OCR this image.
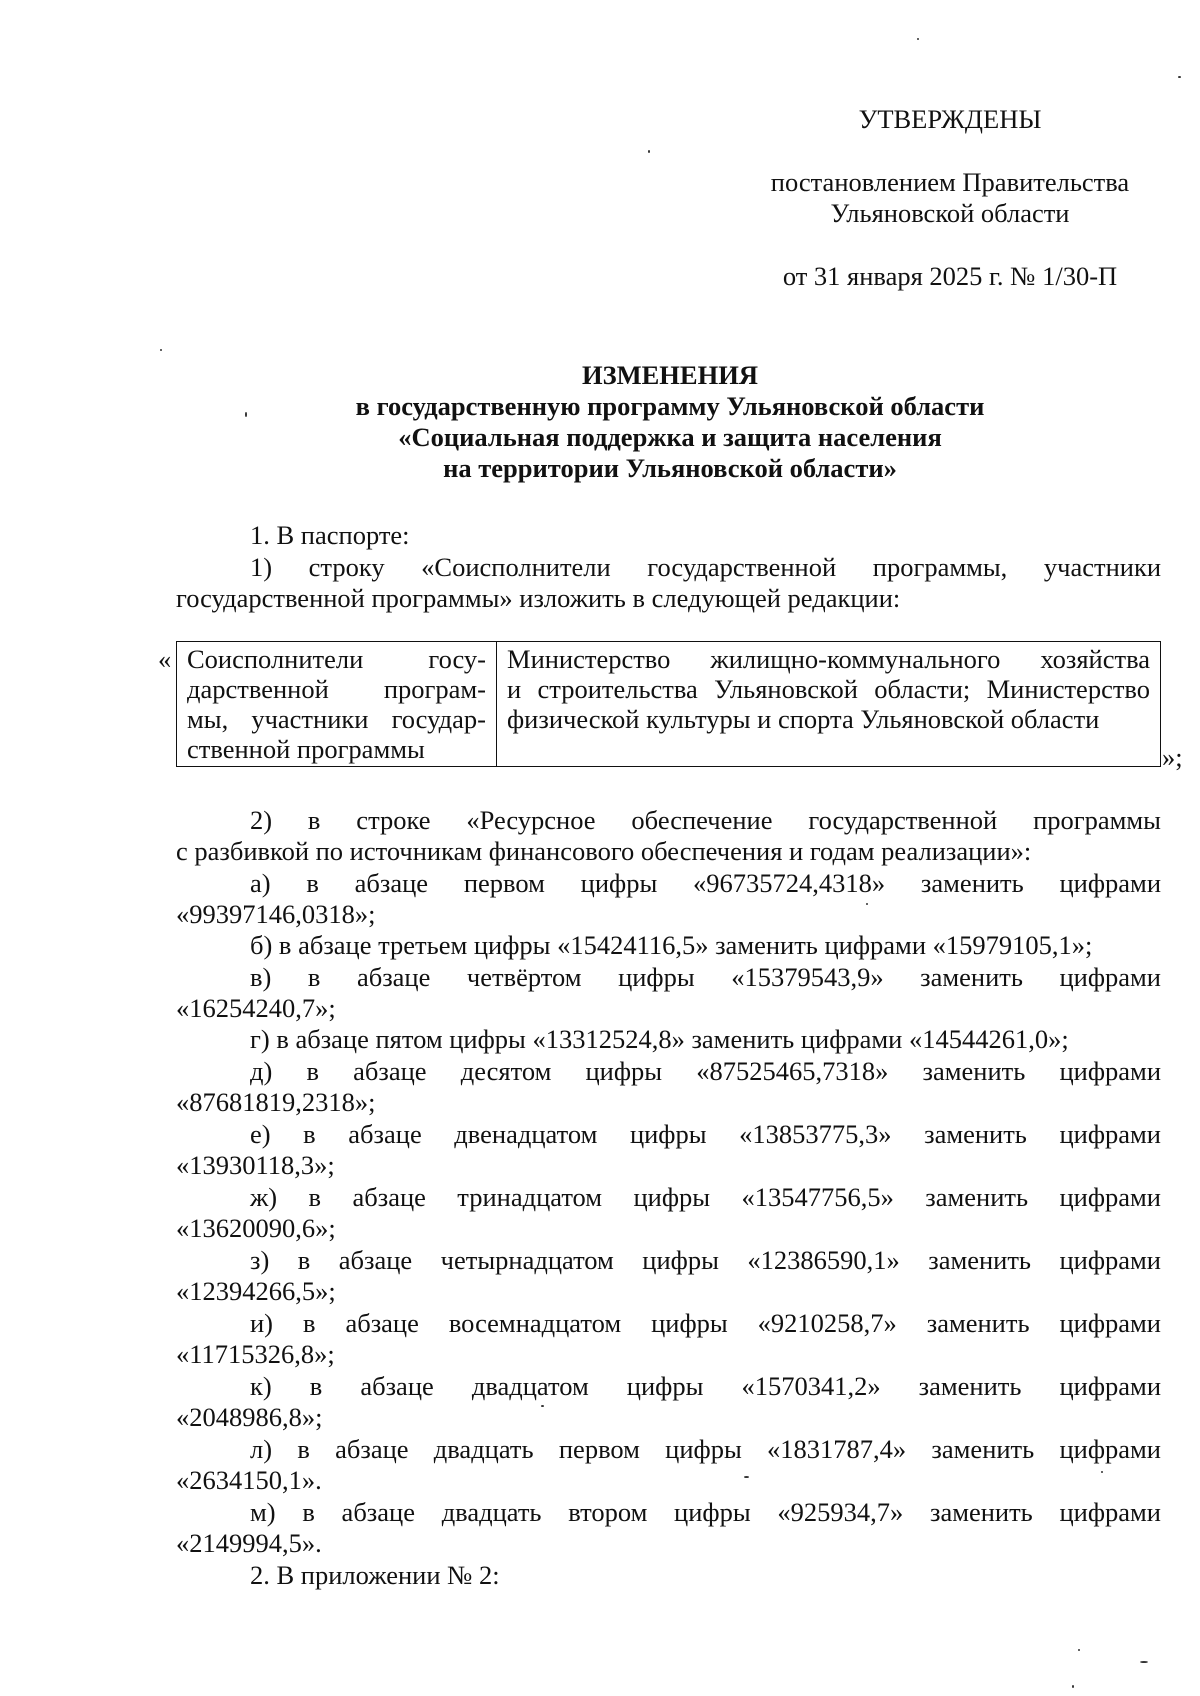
УТВЕРЖДЕНЫ
постановлением Правительства
Ульяновской области
от 31 января 2025 г. № 1/30-П
ИЗМЕНЕНИЯ
в государственную программу Ульяновской области
«Социальная поддержка и защита населения
на территории Ульяновской области»
1. В паспорте:
1) строку «Соисполнители государственной программы, участники
государственной программы» изложить в следующей редакции:
« Соисполнители госу-
дарственной програм-
мы, участники государ-
ственной программы
Министерство жилищно-коммунального хозяйства
и строительства Ульяновской области; Министерство
физической культуры и спорта Ульяновской области
»;
2) в строке «Ресурсное обеспечение государственной программы
с разбивкой по источникам финансового обеспечения и годам реализации»:
а) в абзаце первом цифры «96735724,4318» заменить цифрами
«99397146,0318»;
б) в абзаце третьем цифры «15424116,5» заменить цифрами «15979105,1»;
в) в абзаце четвёртом цифры «15379543,9» заменить цифрами
«16254240,7»;
г) в абзаце пятом цифры «13312524,8» заменить цифрами «14544261,0»;
д) в абзаце десятом цифры «87525465,7318» заменить цифрами
«87681819,2318»;
е) в абзаце двенадцатом цифры «13853775,3» заменить цифрами
«13930118,3»;
ж) в абзаце тринадцатом цифры «13547756,5» заменить цифрами
«13620090,6»;
з) в абзаце четырнадцатом цифры «12386590,1» заменить цифрами
«12394266,5»;
и) в абзаце восемнадцатом цифры «9210258,7» заменить цифрами
«11715326,8»;
к) в абзаце двадцатом цифры «1570341,2» заменить цифрами
«2048986,8»;
л) в абзаце двадцать первом цифры «1831787,4» заменить цифрами
«2634150,1».
м) в абзаце двадцать втором цифры «925934,7» заменить цифрами
«2149994,5».
2. В приложении № 2:
